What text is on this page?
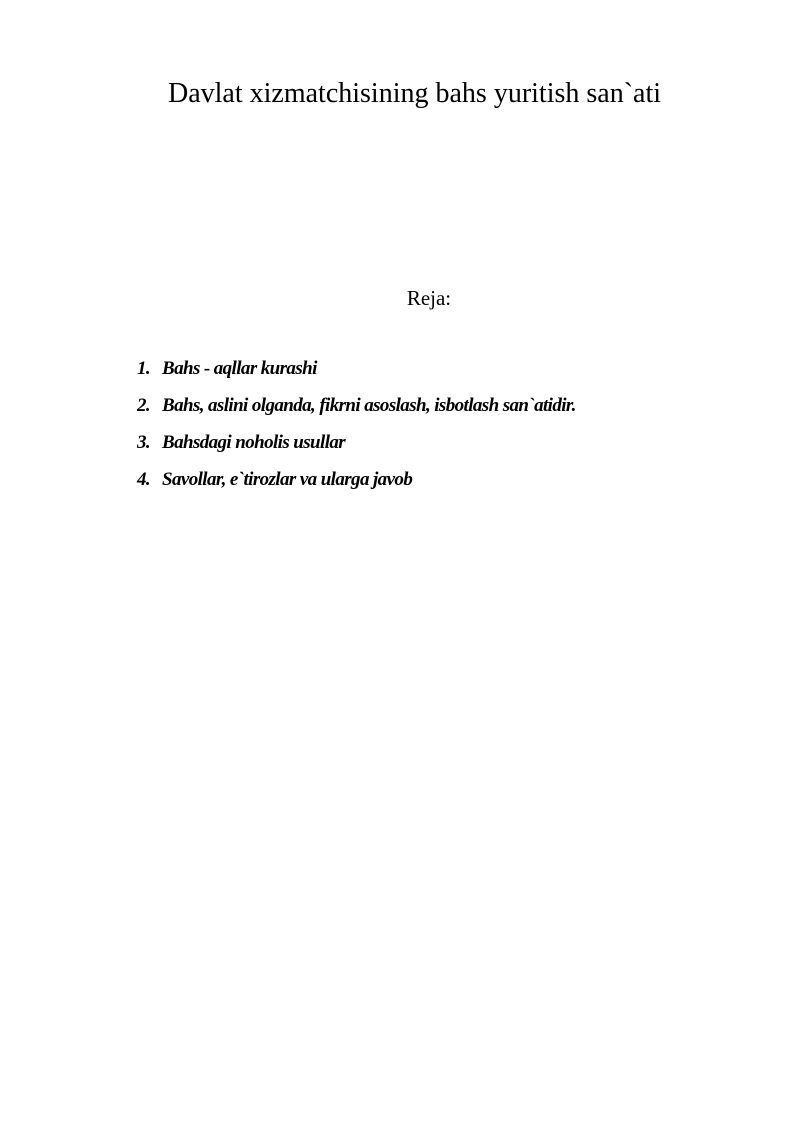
Davlat xizmatchisining bahs yuritish san`ati
Reja:
1. Bahs - aqllar kurashi
2. Bahs, aslini olganda, fikrni asoslash, isbotlash san`atidir.
3. Bahsdagi noholis usullar
4. Savollar, e`tirozlar va ularga javob
